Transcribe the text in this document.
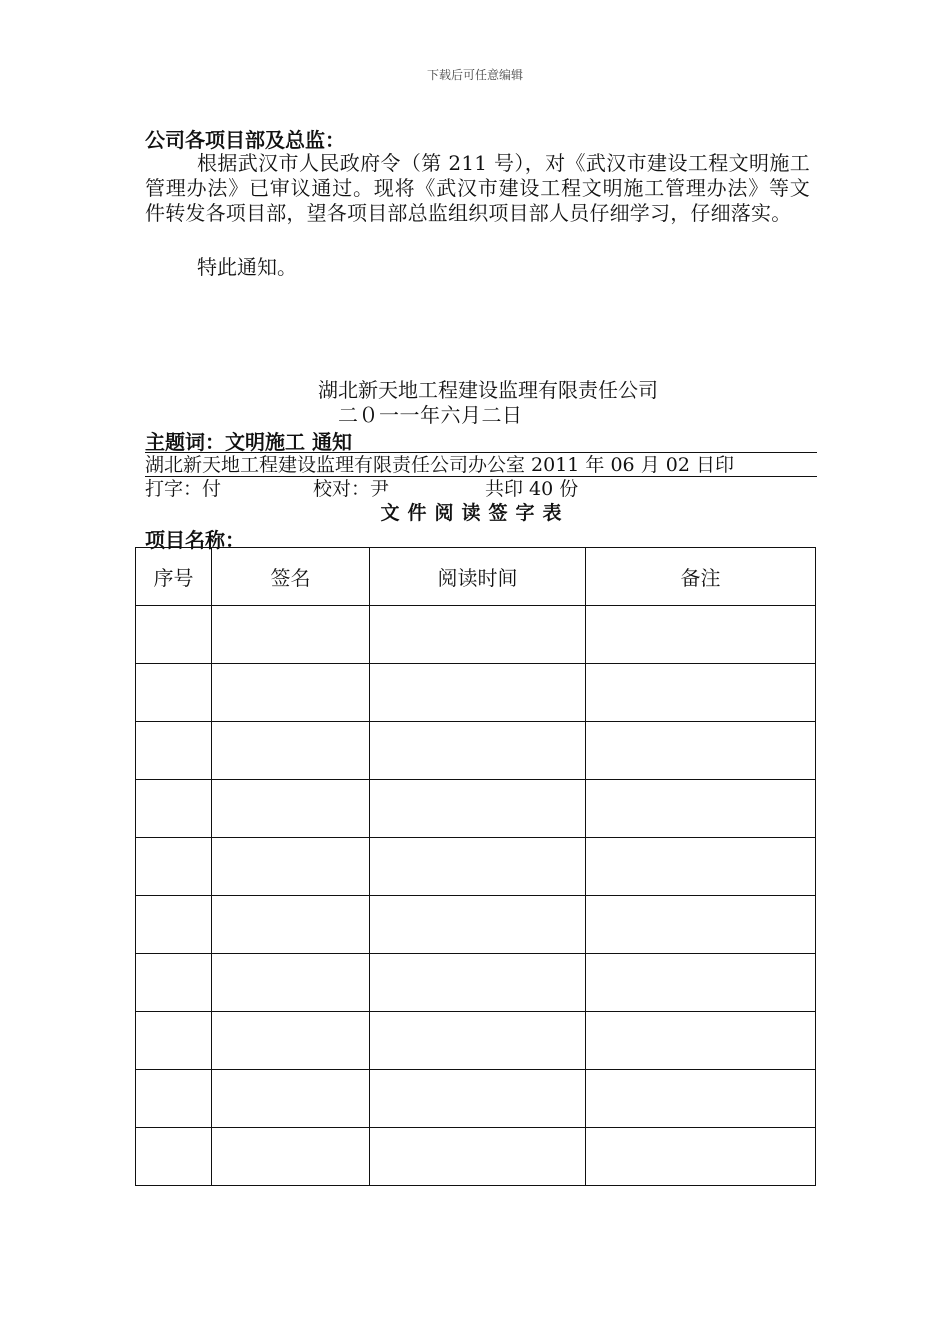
下载后可任意编辑
公司各项目部及总监：
根据武汉市人民政府令（第 211 号），对《武汉市建设工程文明施工管理办法》已审议通过。现将《武汉市建设工程文明施工管理办法》等文件转发各项目部，望各项目部总监组织项目部人员仔细学习，仔细落实。
特此通知。
湖北新天地工程建设监理有限责任公司
二０一一年六月二日
主题词：文明施工 通知
湖北新天地工程建设监理有限责任公司办公室 2011 年 06 月 02 日印
打字：付	校对：尹	共印 40 份
文件阅读签字表
项目名称：
序号	签名	阅读时间	备注
